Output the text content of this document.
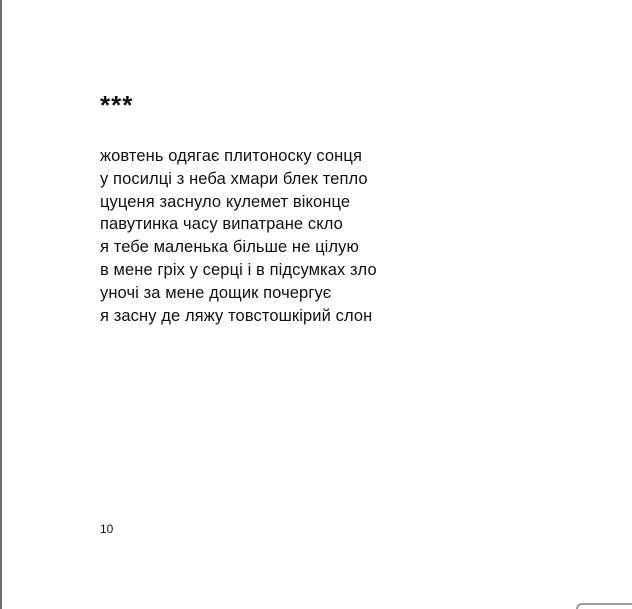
***
жовтень одягає плитоноску сонця
у посилці з неба хмари блек тепло
цуценя заснуло кулемет віконце
павутинка часу випатране скло
я тебе маленька більше не цілую
в мене гріх у серці і в підсумках зло
уночі за мене дощик почергує
я засну де ляжу товстошкірий слон
10
